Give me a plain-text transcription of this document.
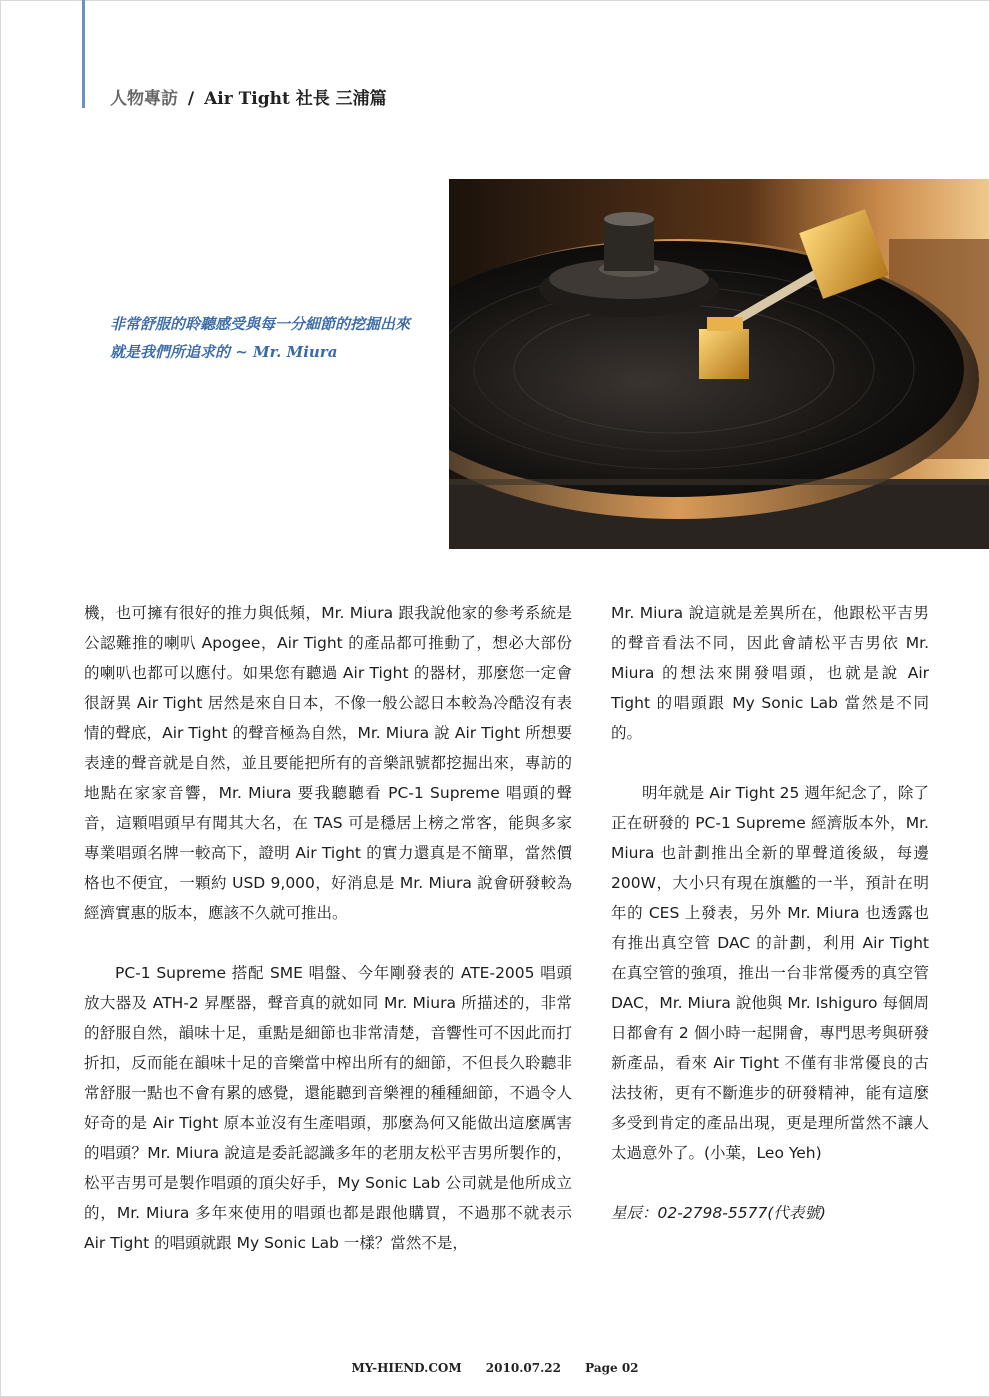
人物專訪 / Air Tight 社長 三浦篇
非常舒服的聆聽感受與每一分細節的挖掘出來就是我們所追求的 ~ Mr. Miura

機，也可擁有很好的推力與低頻，Mr. Miura 跟我說他家的參考系統是公認難推的喇叭 Apogee，Air Tight 的產品都可推動了，想必大部份的喇叭也都可以應付。如果您有聽過 Air Tight 的器材，那麼您一定會很訝異 Air Tight 居然是來自日本，不像一般公認日本較為冷酷沒有表情的聲底，Air Tight 的聲音極為自然，Mr. Miura 說 Air Tight 所想要表達的聲音就是自然，並且要能把所有的音樂訊號都挖掘出來，專訪的地點在家家音響，Mr. Miura 要我聽聽看 PC-1 Supreme 唱頭的聲音，這顆唱頭早有聞其大名，在 TAS 可是穩居上榜之常客，能與多家專業唱頭名牌一較高下，證明 Air Tight 的實力還真是不簡單，當然價格也不便宜，一顆約 USD 9,000，好消息是 Mr. Miura 說會研發較為經濟實惠的版本，應該不久就可推出。

PC-1 Supreme 搭配 SME 唱盤、今年剛發表的 ATE-2005 唱頭放大器及 ATH-2 昇壓器，聲音真的就如同 Mr. Miura 所描述的，非常的舒服自然，韻味十足，重點是細節也非常清楚，音響性可不因此而打折扣，反而能在韻味十足的音樂當中榨出所有的細節，不但長久聆聽非常舒服一點也不會有累的感覺，還能聽到音樂裡的種種細節，不過令人好奇的是 Air Tight 原本並沒有生產唱頭，那麼為何又能做出這麼厲害的唱頭？Mr. Miura 說這是委託認識多年的老朋友松平吉男所製作的，松平吉男可是製作唱頭的頂尖好手，My Sonic Lab 公司就是他所成立的，Mr. Miura 多年來使用的唱頭也都是跟他購買，不過那不就表示 Air Tight 的唱頭就跟 My Sonic Lab 一樣？當然不是，

Mr. Miura 說這就是差異所在，他跟松平吉男的聲音看法不同，因此會請松平吉男依 Mr. Miura 的想法來開發唱頭，也就是說 Air Tight 的唱頭跟 My Sonic Lab 當然是不同的。

明年就是 Air Tight 25 週年紀念了，除了正在研發的 PC-1 Supreme 經濟版本外，Mr. Miura 也計劃推出全新的單聲道後級，每邊 200W，大小只有現在旗艦的一半，預計在明年的 CES 上發表，另外 Mr. Miura 也透露也有推出真空管 DAC 的計劃，利用 Air Tight 在真空管的強項，推出一台非常優秀的真空管 DAC，Mr. Miura 說他與 Mr. Ishiguro 每個周日都會有 2 個小時一起開會，專門思考與研發新產品，看來 Air Tight 不僅有非常優良的古法技術，更有不斷進步的研發精神，能有這麼多受到肯定的產品出現，更是理所當然不讓人太過意外了。(小葉，Leo Yeh)

星辰：02-2798-5577(代表號)

MY-HIEND.COM 2010.07.22 Page 02
